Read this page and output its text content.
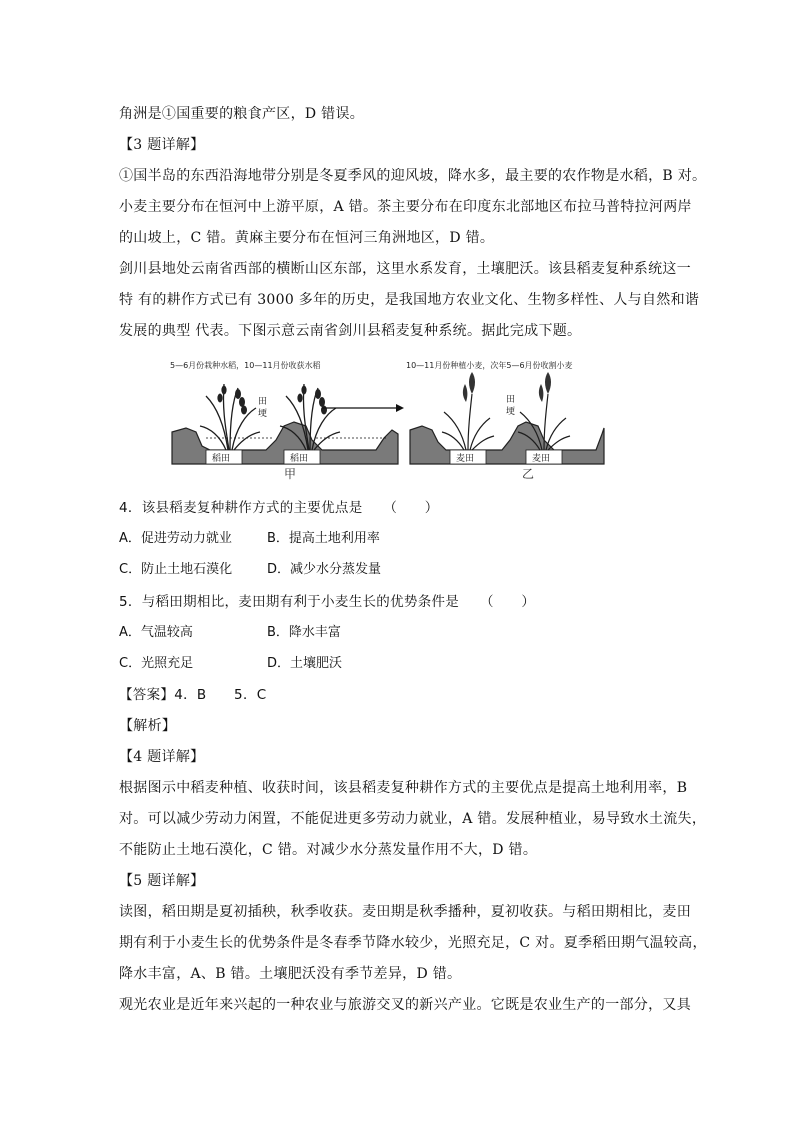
角洲是①国重要的粮食产区，D 错误。
【3 题详解】
①国半岛的东西沿海地带分别是冬夏季风的迎风坡，降水多，最主要的农作物是水稻，B 对。
小麦主要分布在恒河中上游平原，A 错。茶主要分布在印度东北部地区布拉马普特拉河两岸
的山坡上，C 错。黄麻主要分布在恒河三角洲地区，D 错。
剑川县地处云南省西部的横断山区东部，这里水系发育，土壤肥沃。该县稻麦复种系统这一
特 有的耕作方式已有 3000 多年的历史，是我国地方农业文化、生物多样性、人与自然和谐
发展的典型 代表。下图示意云南省剑川县稻麦复种系统。据此完成下题。
5—6月份栽种水稻，10—11月份收获水稻	10—11月份种植小麦，次年5—6月份收割小麦
稻田	稻田
田
埂
麦田	麦田
田
埂
甲	乙
4．该县稻麦复种耕作方式的主要优点是　　（　　）
A．促进劳动力就业	B．提高土地利用率
C．防止土地石漠化	D．减少水分蒸发量
5．与稻田期相比，麦田期有利于小麦生长的优势条件是　　（　　）
A．气温较高	B．降水丰富
C．光照充足	D．土壤肥沃
【答案】4．B　　5．C
【解析】
【4 题详解】
根据图示中稻麦种植、收获时间，该县稻麦复种耕作方式的主要优点是提高土地利用率，B
对。可以减少劳动力闲置，不能促进更多劳动力就业，A 错。发展种植业，易导致水土流失，
不能防止土地石漠化，C 错。对减少水分蒸发量作用不大，D 错。
【5 题详解】
读图，稻田期是夏初插秧，秋季收获。麦田期是秋季播种，夏初收获。与稻田期相比，麦田
期有利于小麦生长的优势条件是冬春季节降水较少，光照充足，C 对。夏季稻田期气温较高，
降水丰富，A、B 错。土壤肥沃没有季节差异，D 错。
观光农业是近年来兴起的一种农业与旅游交叉的新兴产业。它既是农业生产的一部分，又具
